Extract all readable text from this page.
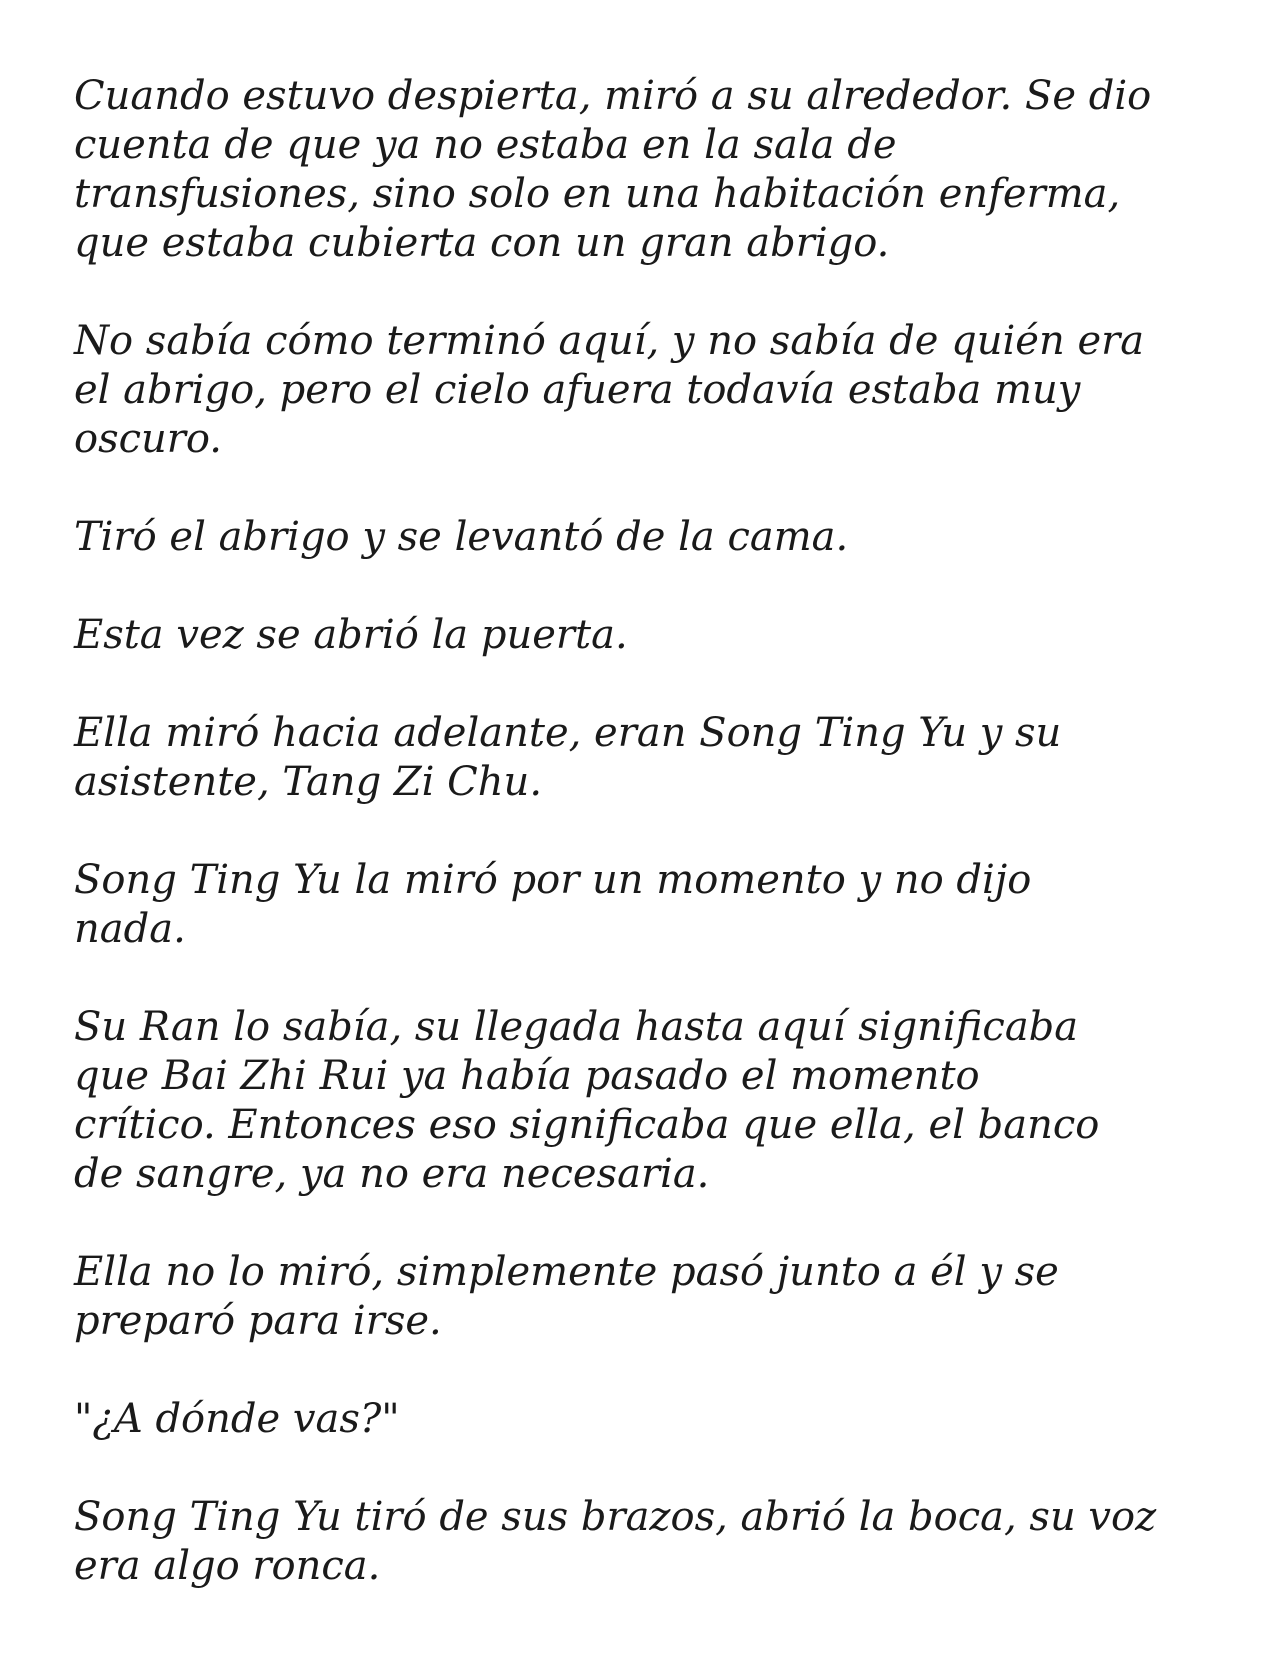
Cuando estuvo despierta, miró a su alrededor. Se dio
cuenta de que ya no estaba en la sala de
transfusiones, sino solo en una habitación enferma,
que estaba cubierta con un gran abrigo.

No sabía cómo terminó aquí, y no sabía de quién era
el abrigo, pero el cielo afuera todavía estaba muy
oscuro.

Tiró el abrigo y se levantó de la cama.

Esta vez se abrió la puerta.

Ella miró hacia adelante, eran Song Ting Yu y su
asistente, Tang Zi Chu.

Song Ting Yu la miró por un momento y no dijo
nada.

Su Ran lo sabía, su llegada hasta aquí significaba
que Bai Zhi Rui ya había pasado el momento
crítico. Entonces eso significaba que ella, el banco
de sangre, ya no era necesaria.

Ella no lo miró, simplemente pasó junto a él y se
preparó para irse.

"¿A dónde vas?"

Song Ting Yu tiró de sus brazos, abrió la boca, su voz
era algo ronca.
